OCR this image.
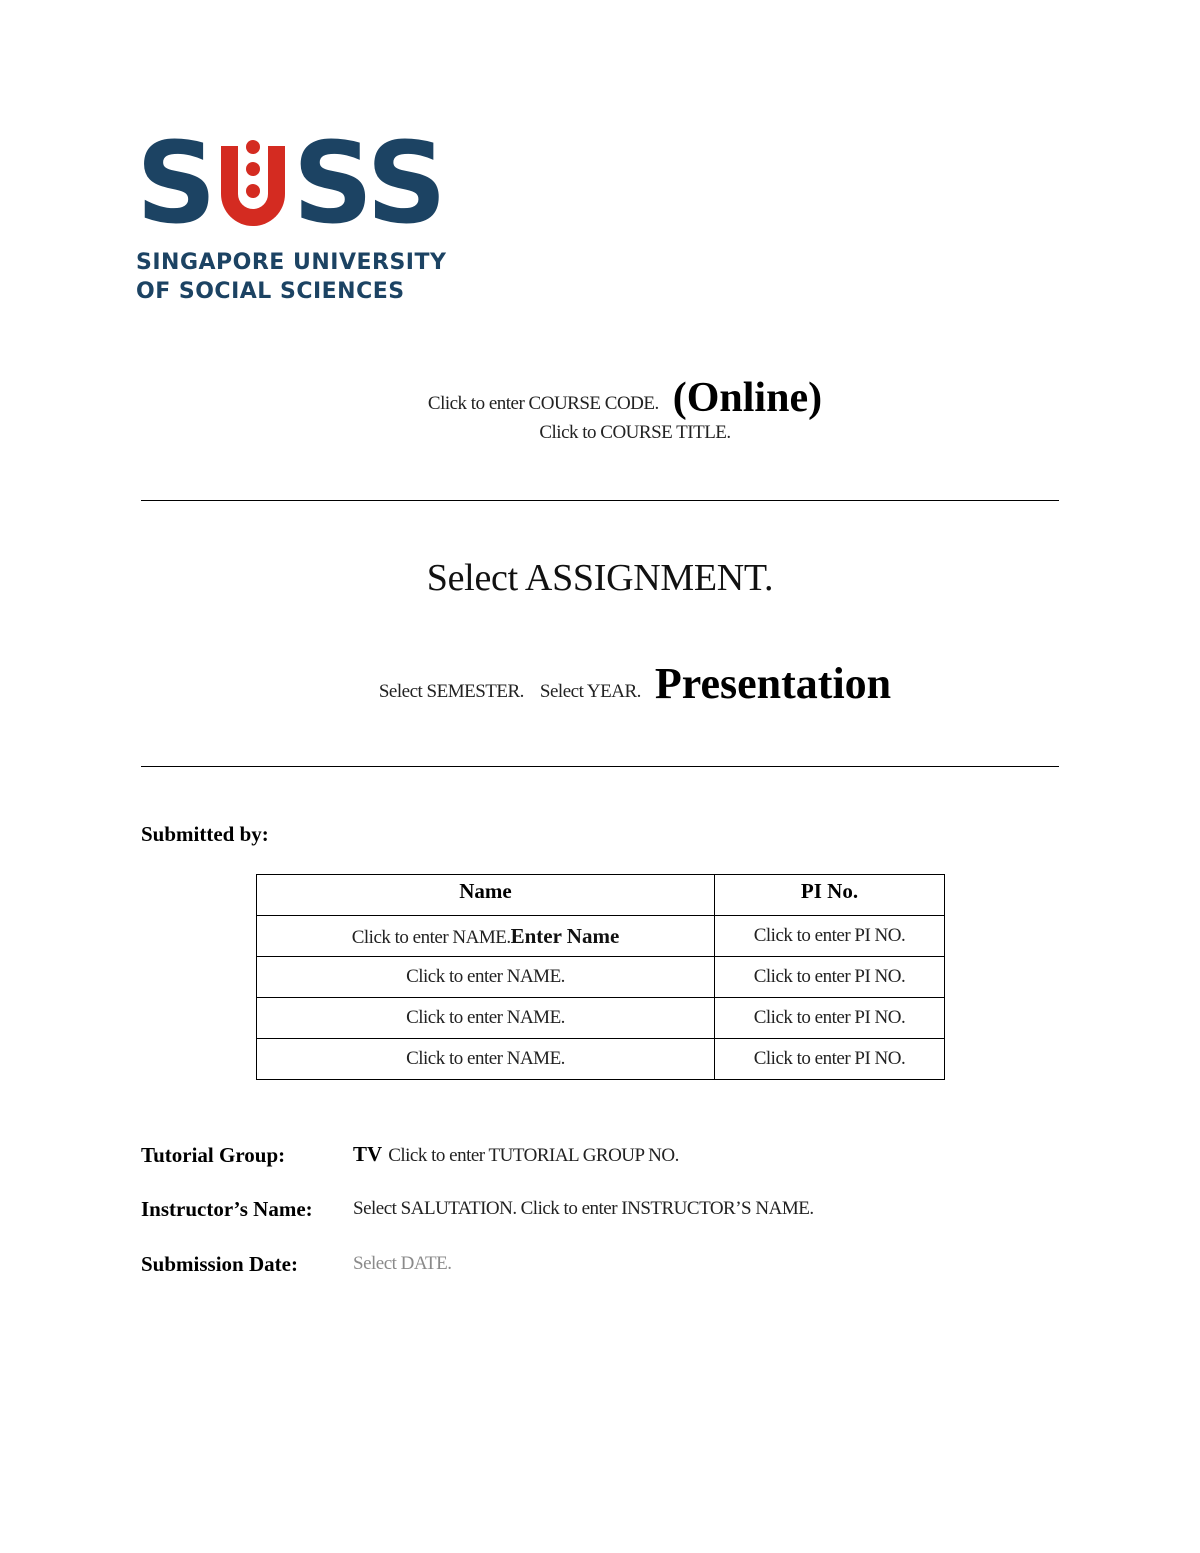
S SS
SINGAPORE UNIVERSITY
OF SOCIAL SCIENCES
Click to enter COURSE CODE. (Online)
Click to COURSE TITLE.
Select ASSIGNMENT.
Select SEMESTER. Select YEAR. Presentation
Submitted by:
Name	PI No.
Click to enter NAME.Enter Name	Click to enter PI NO.
Click to enter NAME.	Click to enter PI NO.
Click to enter NAME.	Click to enter PI NO.
Click to enter NAME.	Click to enter PI NO.
Tutorial Group:	TV Click to enter TUTORIAL GROUP NO.
Instructor’s Name: Select SALUTATION. Click to enter INSTRUCTOR’S NAME.
Submission Date:	Select DATE.
